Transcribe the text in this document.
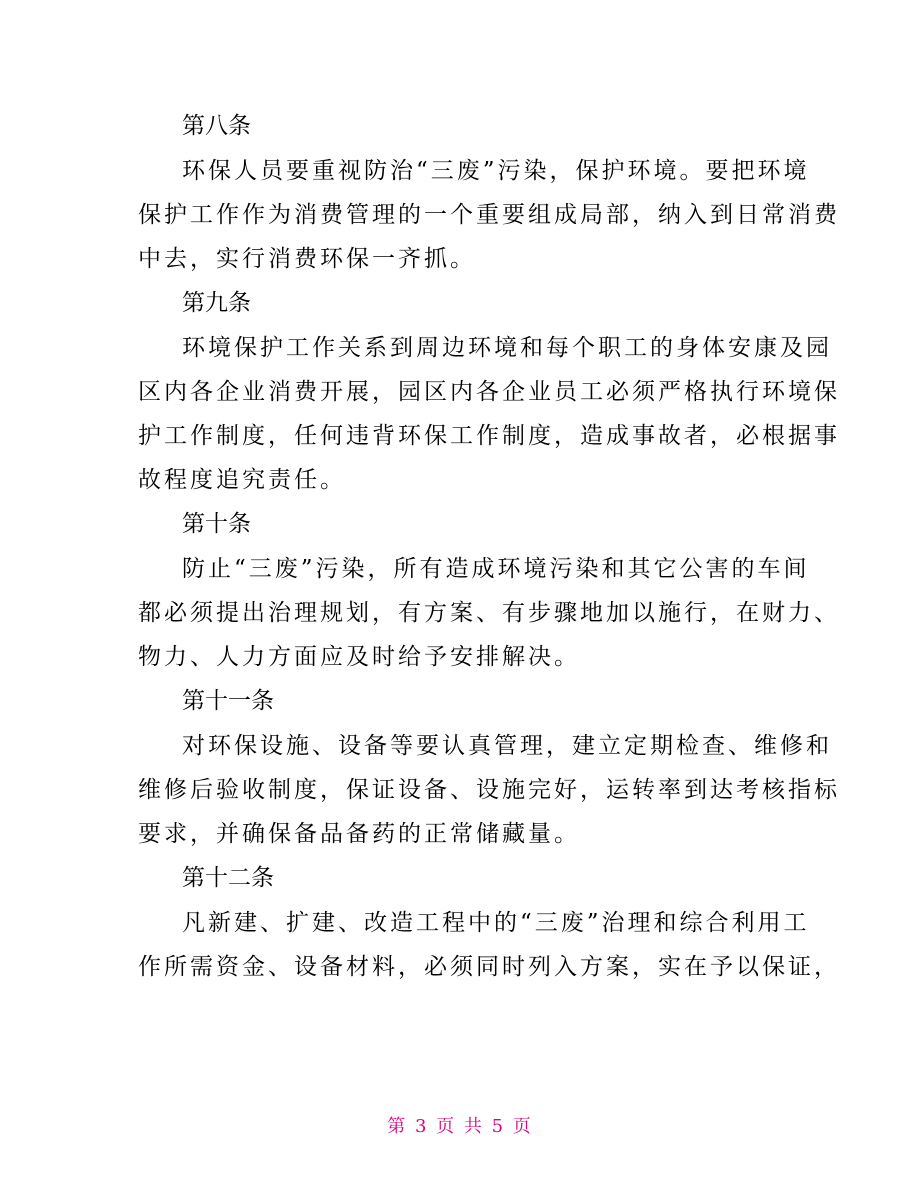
第八条
环保人员要重视防治“三废”污染，保护环境。要把环境
保护工作作为消费管理的一个重要组成局部，纳入到日常消费
中去，实行消费环保一齐抓。
第九条
环境保护工作关系到周边环境和每个职工的身体安康及园
区内各企业消费开展，园区内各企业员工必须严格执行环境保
护工作制度，任何违背环保工作制度，造成事故者，必根据事
故程度追究责任。
第十条
防止“三废”污染，所有造成环境污染和其它公害的车间
都必须提出治理规划，有方案、有步骤地加以施行，在财力、
物力、人力方面应及时给予安排解决。
第十一条
对环保设施、设备等要认真管理，建立定期检查、维修和
维修后验收制度，保证设备、设施完好，运转率到达考核指标
要求，并确保备品备药的正常储藏量。
第十二条
凡新建、扩建、改造工程中的“三废”治理和综合利用工
作所需资金、设备材料，必须同时列入方案，实在予以保证，
第 3 页 共 5 页
